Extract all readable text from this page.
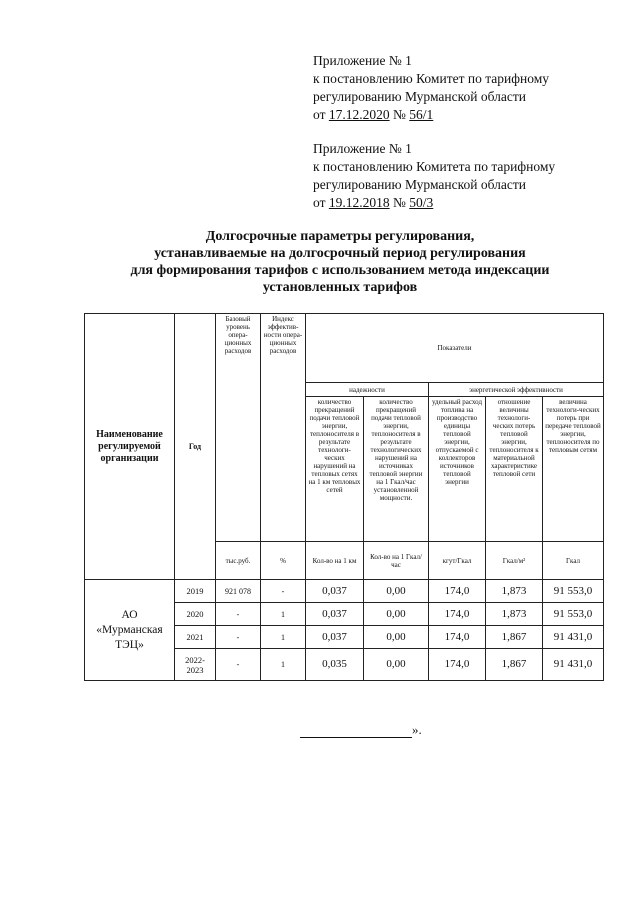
Приложение № 1
к постановлению Комитет по тарифному
регулированию Мурманской области
от 17.12.2020 № 56/1
Приложение № 1
к постановлению Комитета по тарифному
регулированию Мурманской области
от 19.12.2018 № 50/3
Долгосрочные параметры регулирования,
устанавливаемые на долгосрочный период регулирования
для формирования тарифов с использованием метода индексации
установленных тарифов
Наименование регулируемой организации	Год	Базовый уровень опера-ционных расходов	Индекс эффектив-ности опера-ционных расходов	Показатели				
				надежности		энергетической эффективности		
				количество прекращений подачи тепловой энергии, теплоносителя в результате технологи-ческих нарушений на тепловых сетях на 1 км тепловых сетей	количество прекращений подачи тепловой энергии, теплоносителя в результате технологических нарушений на источниках тепловой энергии на 1 Гкал/час установленной мощности.	удельный расход топлива на производство единицы тепловой энергии, отпускаемой с коллекторов источников тепловой энергии	отношение величины технологи-ческих потерь тепловой энергии, теплоносителя к материальной характеристике тепловой сети	величина технологи-ческих потерь при передаче тепловой энергии, теплоносителя по тепловым сетям
		тыс.руб.	%	Кол-во на 1 км	Кол-во на 1 Гкал/час	кгут/Гкал	Гкал/м²	Гкал
АО «Мурманская ТЭЦ»	2019	921 078	-	0,037	0,00	174,0	1,873	91 553,0
	2020	-	1	0,037	0,00	174,0	1,873	91 553,0
	2021	-	1	0,037	0,00	174,0	1,867	91 431,0
	2022-2023	-	1	0,035	0,00	174,0	1,867	91 431,0
».
